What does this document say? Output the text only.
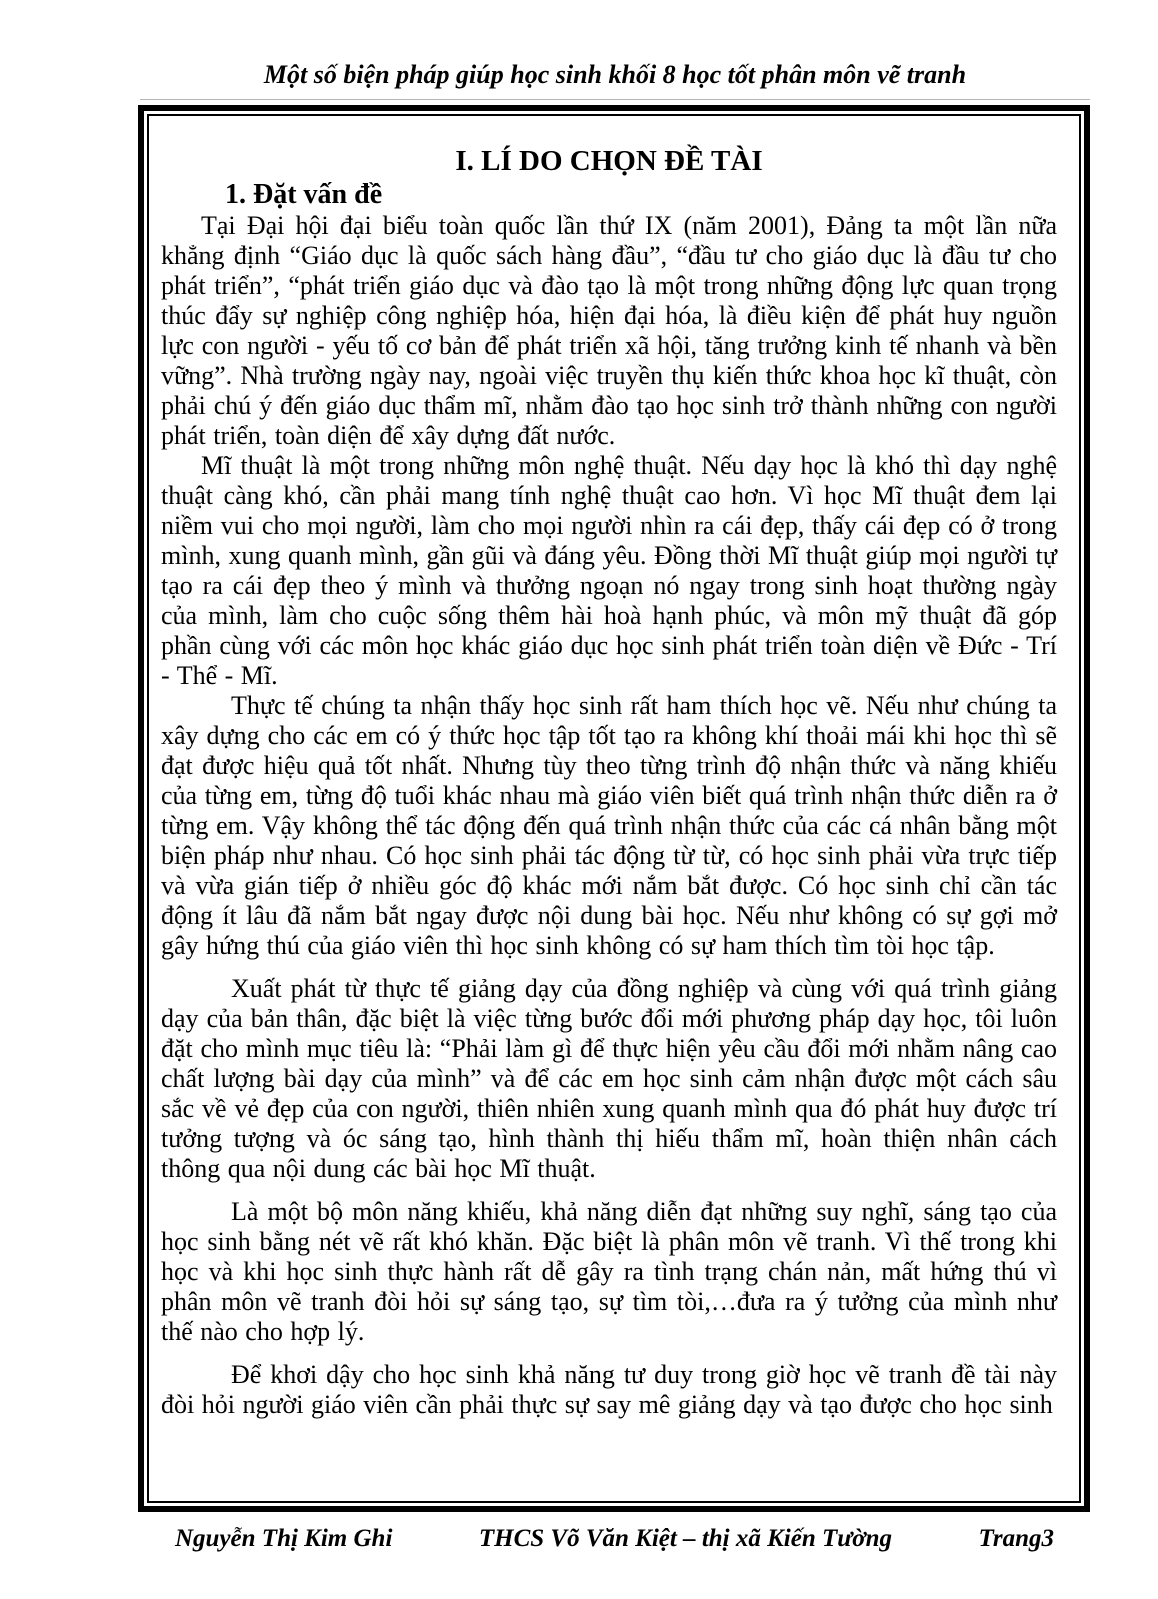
Một số biện pháp giúp học sinh khối 8 học tốt phân môn vẽ tranh
I. LÍ DO CHỌN ĐỀ TÀI
1. Đặt vấn đề

Tại Đại hội đại biểu toàn quốc lần thứ IX (năm 2001), Đảng ta một lần nữa khẳng định “Giáo dục là quốc sách hàng đầu”, “đầu tư cho giáo dục là đầu tư cho phát triển”, “phát triển giáo dục và đào tạo là một trong những động lực quan trọng thúc đẩy sự nghiệp công nghiệp hóa, hiện đại hóa, là điều kiện để phát huy nguồn lực con người - yếu tố cơ bản để phát triển xã hội, tăng trưởng kinh tế nhanh và bền vững”. Nhà trường ngày nay, ngoài việc truyền thụ kiến thức khoa học kĩ thuật, còn phải chú ý đến giáo dục thẩm mĩ, nhằm đào tạo học sinh trở thành những con người phát triển, toàn diện để xây dựng đất nước.

Mĩ thuật là một trong những môn nghệ thuật. Nếu dạy học là khó thì dạy nghệ thuật càng khó, cần phải mang tính nghệ thuật cao hơn. Vì học Mĩ thuật đem lại niềm vui cho mọi người, làm cho mọi người nhìn ra cái đẹp, thấy cái đẹp có ở trong mình, xung quanh mình, gần gũi và đáng yêu. Đồng thời Mĩ thuật giúp mọi người tự tạo ra cái đẹp theo ý mình và thưởng ngoạn nó ngay trong sinh hoạt thường ngày của mình, làm cho cuộc sống thêm hài hoà hạnh phúc, và môn mỹ thuật đã góp phần cùng với các môn học khác giáo dục học sinh phát triển toàn diện về Đức - Trí - Thể - Mĩ.

Thực tế chúng ta nhận thấy học sinh rất ham thích học vẽ. Nếu như chúng ta xây dựng cho các em có ý thức học tập tốt tạo ra không khí thoải mái khi học thì sẽ đạt được hiệu quả tốt nhất. Nhưng tùy theo từng trình độ nhận thức và năng khiếu của từng em, từng độ tuổi khác nhau mà giáo viên biết quá trình nhận thức diễn ra ở từng em. Vậy không thể tác động đến quá trình nhận thức của các cá nhân bằng một biện pháp như nhau. Có học sinh phải tác động từ từ, có học sinh phải vừa trực tiếp và vừa gián tiếp ở nhiều góc độ khác mới nắm bắt được. Có học sinh chỉ cần tác động ít lâu đã nắm bắt ngay được nội dung bài học. Nếu như không có sự gợi mở gây hứng thú của giáo viên thì học sinh không có sự ham thích tìm tòi học tập.

Xuất phát từ thực tế giảng dạy của đồng nghiệp và cùng với quá trình giảng dạy của bản thân, đặc biệt là việc từng bước đổi mới phương pháp dạy học, tôi luôn đặt cho mình mục tiêu là: “Phải làm gì để thực hiện yêu cầu đổi mới nhằm nâng cao chất lượng bài dạy của mình” và để các em học sinh cảm nhận được một cách sâu sắc về vẻ đẹp của con người, thiên nhiên xung quanh mình qua đó phát huy được trí tưởng tượng và óc sáng tạo, hình thành thị hiếu thẩm mĩ, hoàn thiện nhân cách thông qua nội dung các bài học Mĩ thuật.

Là một bộ môn năng khiếu, khả năng diễn đạt những suy nghĩ, sáng tạo của học sinh bằng nét vẽ rất khó khăn. Đặc biệt là phân môn vẽ tranh. Vì thế trong khi học và khi học sinh thực hành rất dễ gây ra tình trạng chán nản, mất hứng thú vì phân môn vẽ tranh đòi hỏi sự sáng tạo, sự tìm tòi,…đưa ra ý tưởng của mình như thế nào cho hợp lý.

Để khơi dậy cho học sinh khả năng tư duy trong giờ học vẽ tranh đề tài này đòi hỏi người giáo viên cần phải thực sự say mê giảng dạy và tạo được cho học sinh

Nguyễn Thị Kim Ghi	THCS Võ Văn Kiệt – thị xã Kiến Tường	Trang3
